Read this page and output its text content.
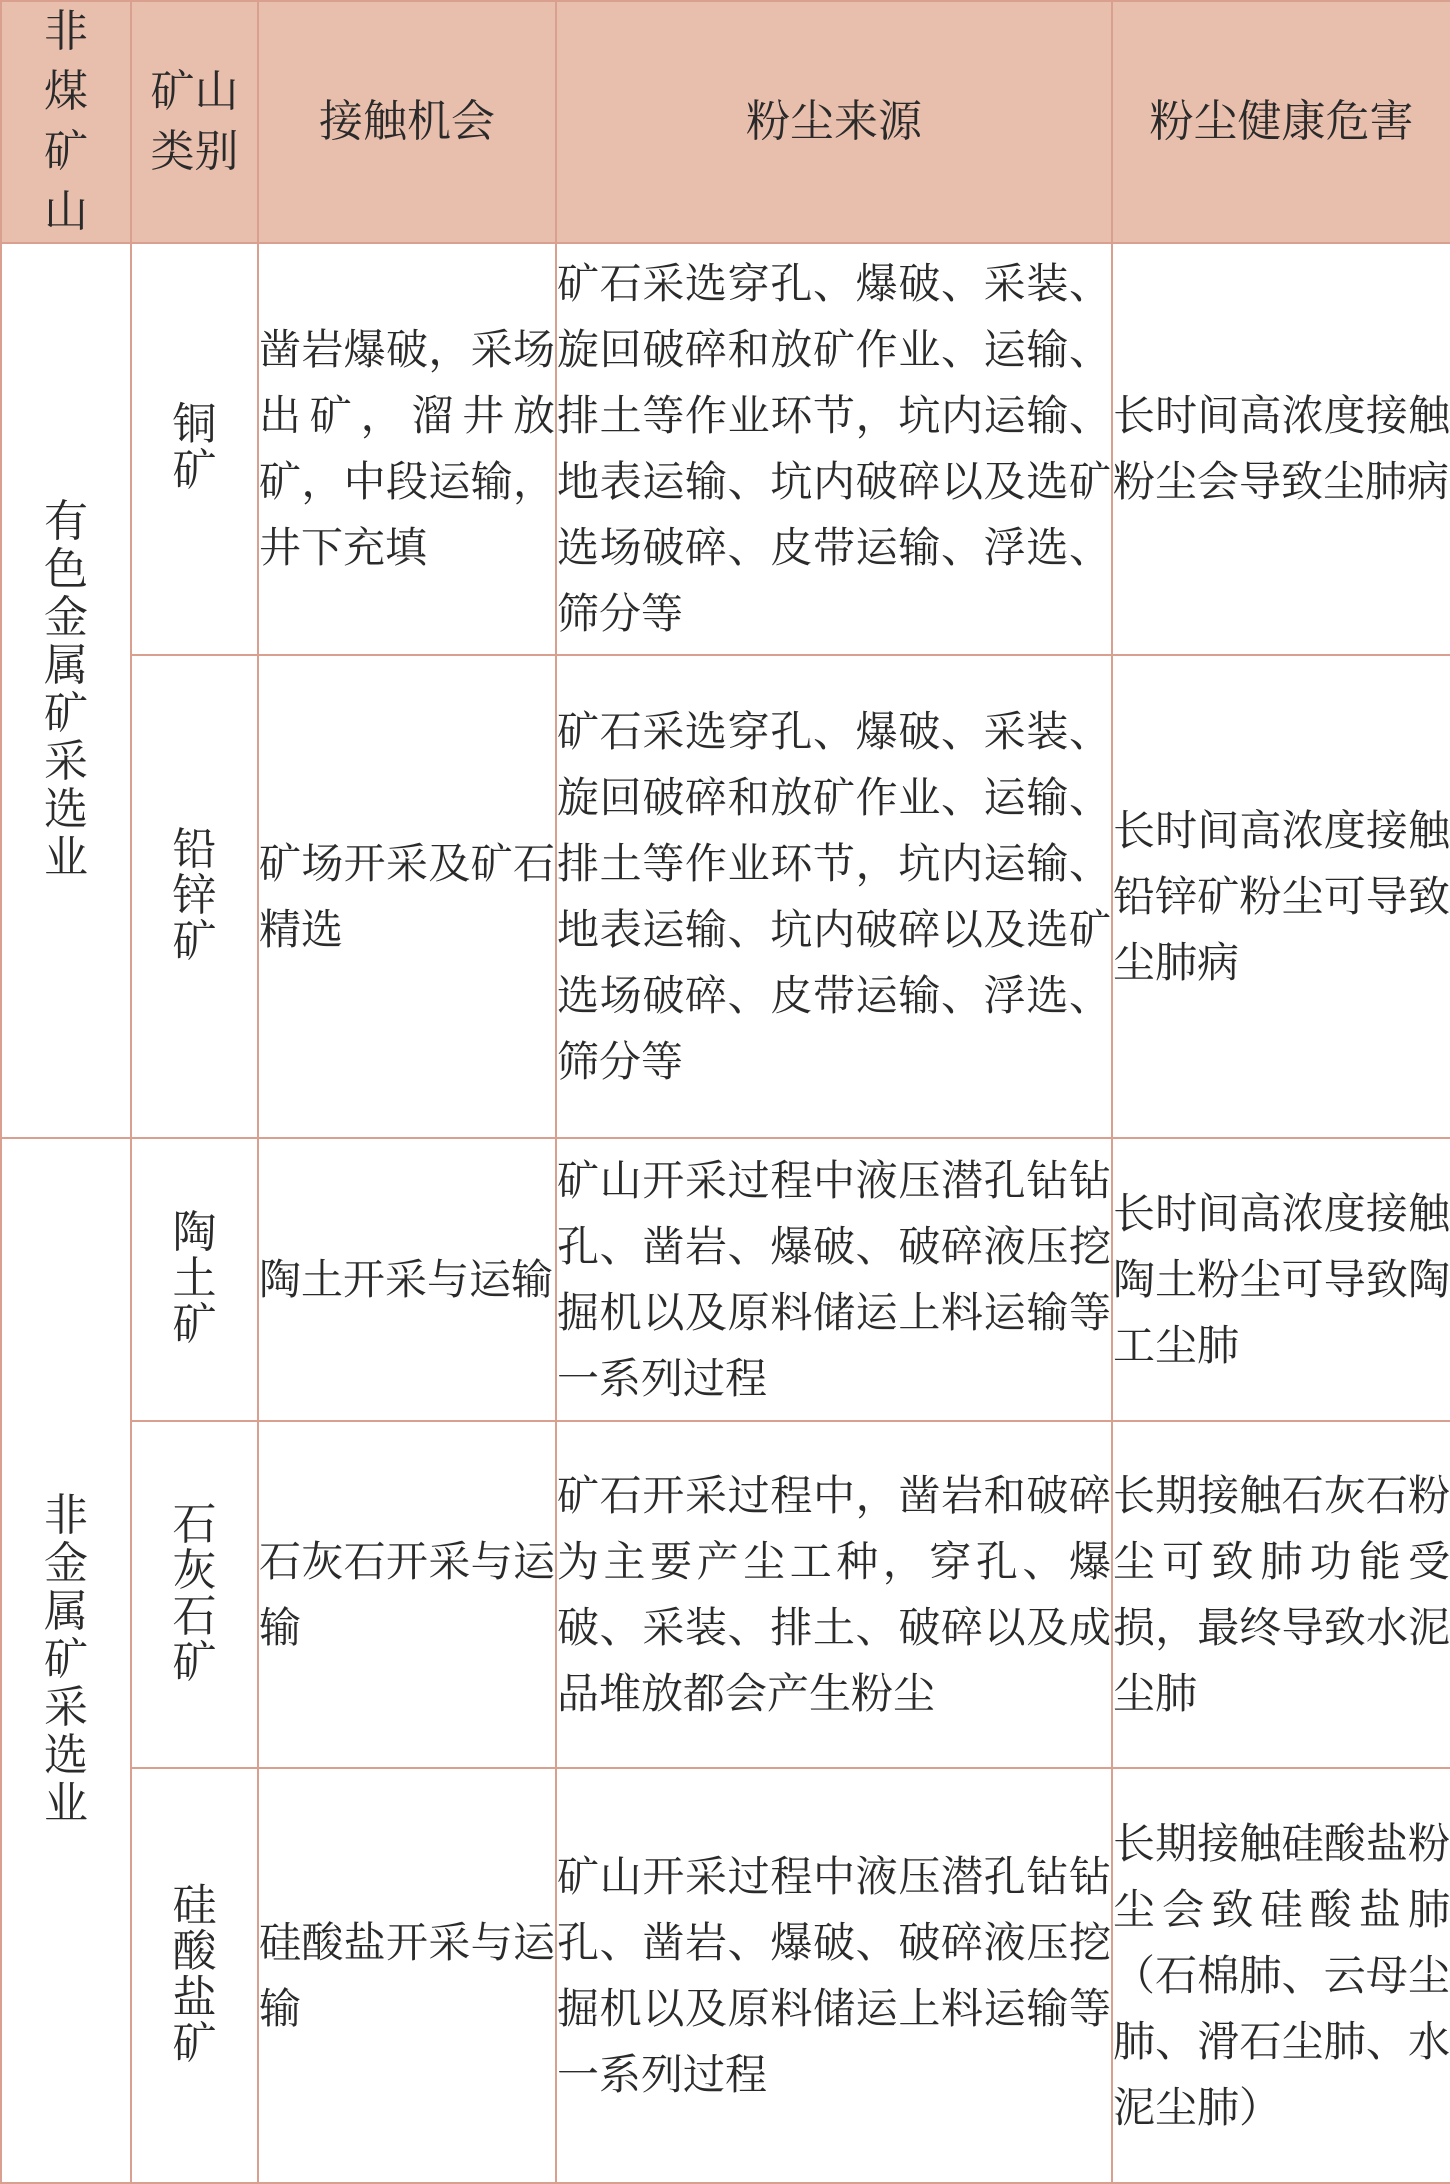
非煤矿山	矿山类别	接触机会	粉尘来源	粉尘健康危害
有色金属矿采选业	铜矿	凿岩爆破，采场出矿，溜井放矿，中段运输，井下充填	矿石采选穿孔、爆破、采装、旋回破碎和放矿作业、运输、排土等作业环节，坑内运输、地表运输、坑内破碎以及选矿选场破碎、皮带运输、浮选、筛分等	长时间高浓度接触粉尘会导致尘肺病
	铅锌矿	矿场开采及矿石精选	矿石采选穿孔、爆破、采装、旋回破碎和放矿作业、运输、排土等作业环节，坑内运输、地表运输、坑内破碎以及选矿选场破碎、皮带运输、浮选、筛分等	长时间高浓度接触铅锌矿粉尘可导致尘肺病
非金属矿采选业	陶土矿	陶土开采与运输	矿山开采过程中液压潜孔钻钻孔、凿岩、爆破、破碎液压挖掘机以及原料储运上料运输等一系列过程	长时间高浓度接触陶土粉尘可导致陶工尘肺
	石灰石矿	石灰石开采与运输	矿石开采过程中，凿岩和破碎为主要产尘工种，穿孔、爆破、采装、排土、破碎以及成品堆放都会产生粉尘	长期接触石灰石粉尘可致肺功能受损，最终导致水泥尘肺
	硅酸盐矿	硅酸盐开采与运输	矿山开采过程中液压潜孔钻钻孔、凿岩、爆破、破碎液压挖掘机以及原料储运上料运输等一系列过程	长期接触硅酸盐粉尘会致硅酸盐肺（石棉肺、云母尘肺、滑石尘肺、水泥尘肺）
